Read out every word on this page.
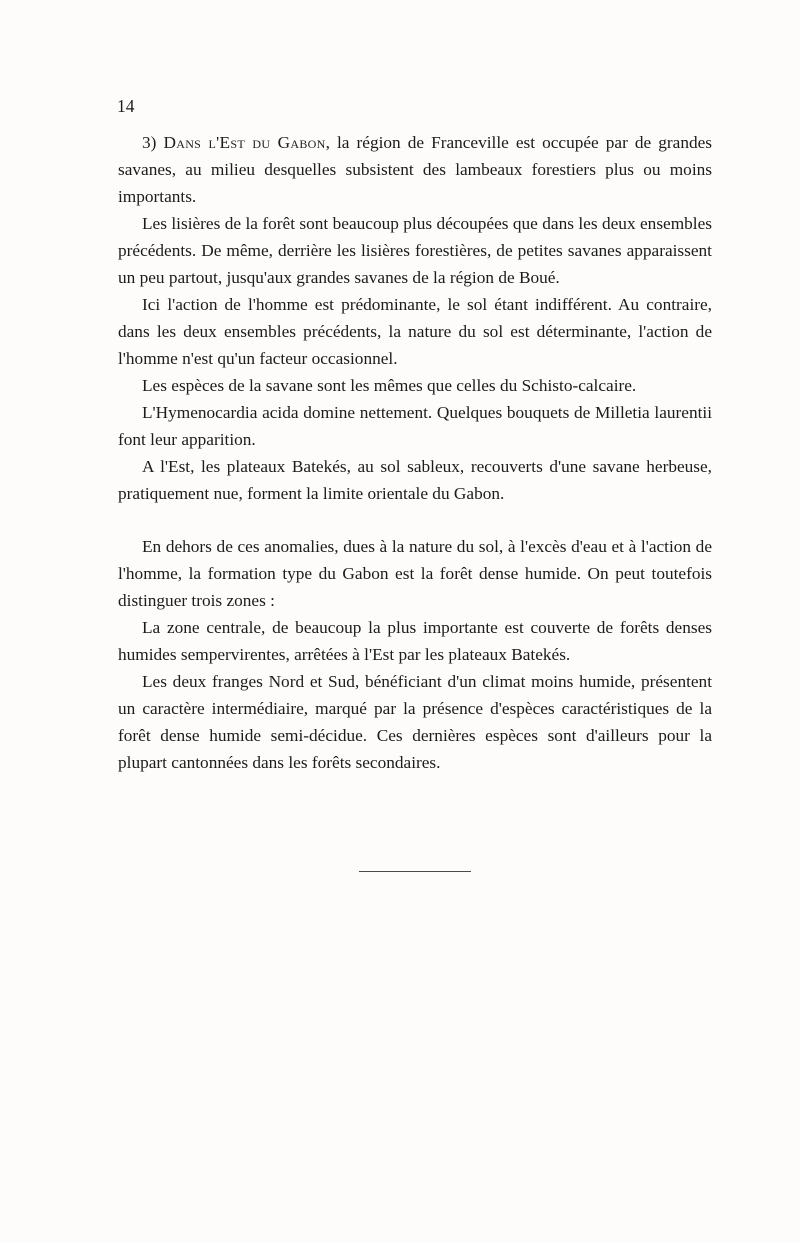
14

3) Dans l'Est du Gabon, la région de Franceville est occupée par de grandes savanes, au milieu desquelles subsistent des lambeaux forestiers plus ou moins importants.

Les lisières de la forêt sont beaucoup plus découpées que dans les deux ensembles précédents. De même, derrière les lisières forestières, de petites savanes apparaissent un peu partout, jusqu'aux grandes savanes de la région de Boué.

Ici l'action de l'homme est prédominante, le sol étant indifférent. Au contraire, dans les deux ensembles précédents, la nature du sol est déterminante, l'action de l'homme n'est qu'un facteur occasionnel.

Les espèces de la savane sont les mêmes que celles du Schisto-calcaire.

L'Hymenocardia acida domine nettement. Quelques bouquets de Milletia laurentii font leur apparition.

A l'Est, les plateaux Batekés, au sol sableux, recouverts d'une savane herbeuse, pratiquement nue, forment la limite orientale du Gabon.

En dehors de ces anomalies, dues à la nature du sol, à l'excès d'eau et à l'action de l'homme, la formation type du Gabon est la forêt dense humide. On peut toutefois distinguer trois zones :

La zone centrale, de beaucoup la plus importante est couverte de forêts denses humides sempervirentes, arrêtées à l'Est par les plateaux Batekés.

Les deux franges Nord et Sud, bénéficiant d'un climat moins humide, présentent un caractère intermédiaire, marqué par la présence d'espèces caractéristiques de la forêt dense humide semi-décidue. Ces dernières espèces sont d'ailleurs pour la plupart cantonnées dans les forêts secondaires.
